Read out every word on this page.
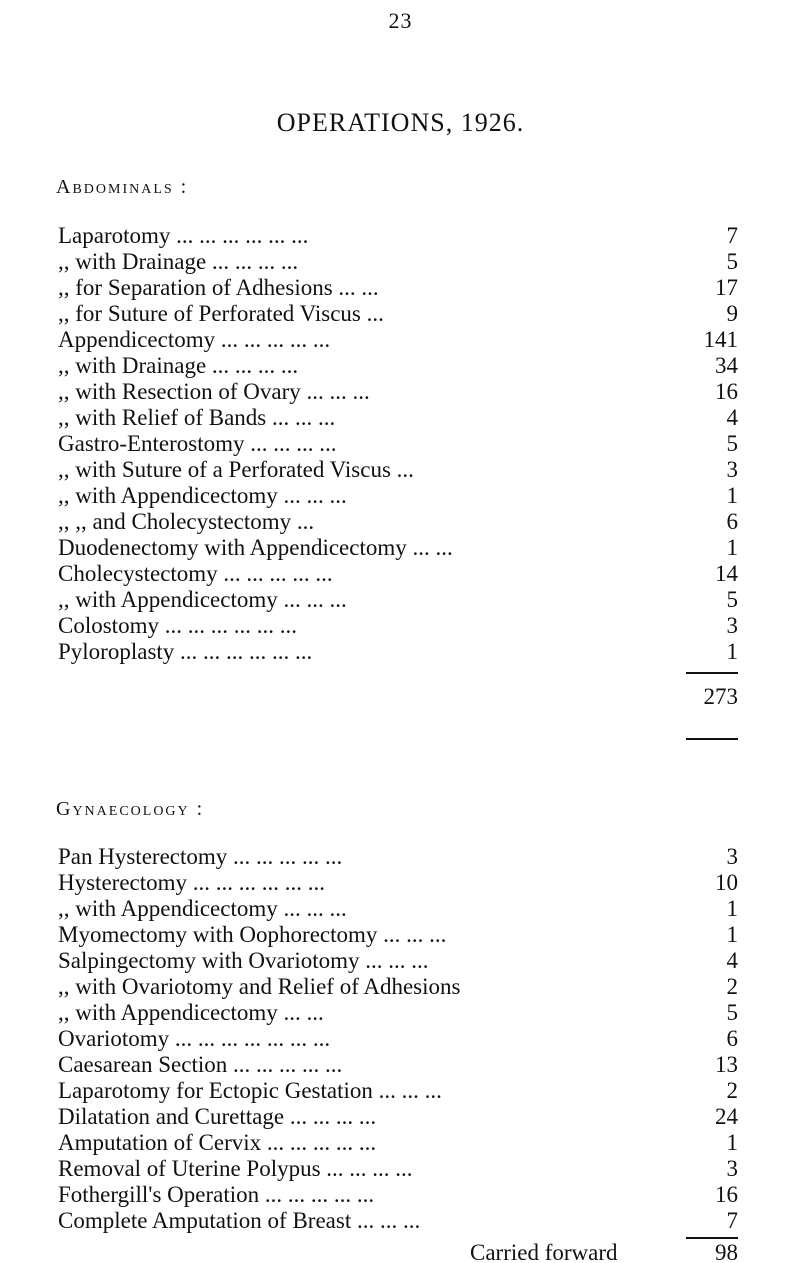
23
OPERATIONS, 1926.
Abdominals :
Laparotomy ... ... ... ... ... ...	7
,, with Drainage ... ... ... ...	5
,, for Separation of Adhesions ... ...	17
,, for Suture of Perforated Viscus ...	9
Appendicectomy ... ... ... ... ...	141
,, with Drainage ... ... ... ...	34
,, with Resection of Ovary ... ... ...	16
,, with Relief of Bands ... ... ...	4
Gastro-Enterostomy ... ... ... ...	5
,, with Suture of a Perforated Viscus ...	3
,, with Appendicectomy ... ... ...	1
,, ,, and Cholecystectomy ...	6
Duodenectomy with Appendicectomy ... ...	1
Cholecystectomy ... ... ... ... ...	14
,, with Appendicectomy ... ... ...	5
Colostomy ... ... ... ... ... ...	3
Pyloroplasty ... ... ... ... ... ...	1
273
Gynaecology :
Pan Hysterectomy ... ... ... ... ...	3
Hysterectomy ... ... ... ... ... ...	10
,, with Appendicectomy ... ... ...	1
Myomectomy with Oophorectomy ... ... ...	1
Salpingectomy with Ovariotomy ... ... ...	4
,, with Ovariotomy and Relief of Adhesions	2
,, with Appendicectomy ... ...	5
Ovariotomy ... ... ... ... ... ... ...	6
Caesarean Section ... ... ... ... ...	13
Laparotomy for Ectopic Gestation ... ... ...	2
Dilatation and Curettage ... ... ... ...	24
Amputation of Cervix ... ... ... ... ...	1
Removal of Uterine Polypus ... ... ... ...	3
Fothergill's Operation ... ... ... ... ...	16
Complete Amputation of Breast ... ... ...	7
Carried forward	98
